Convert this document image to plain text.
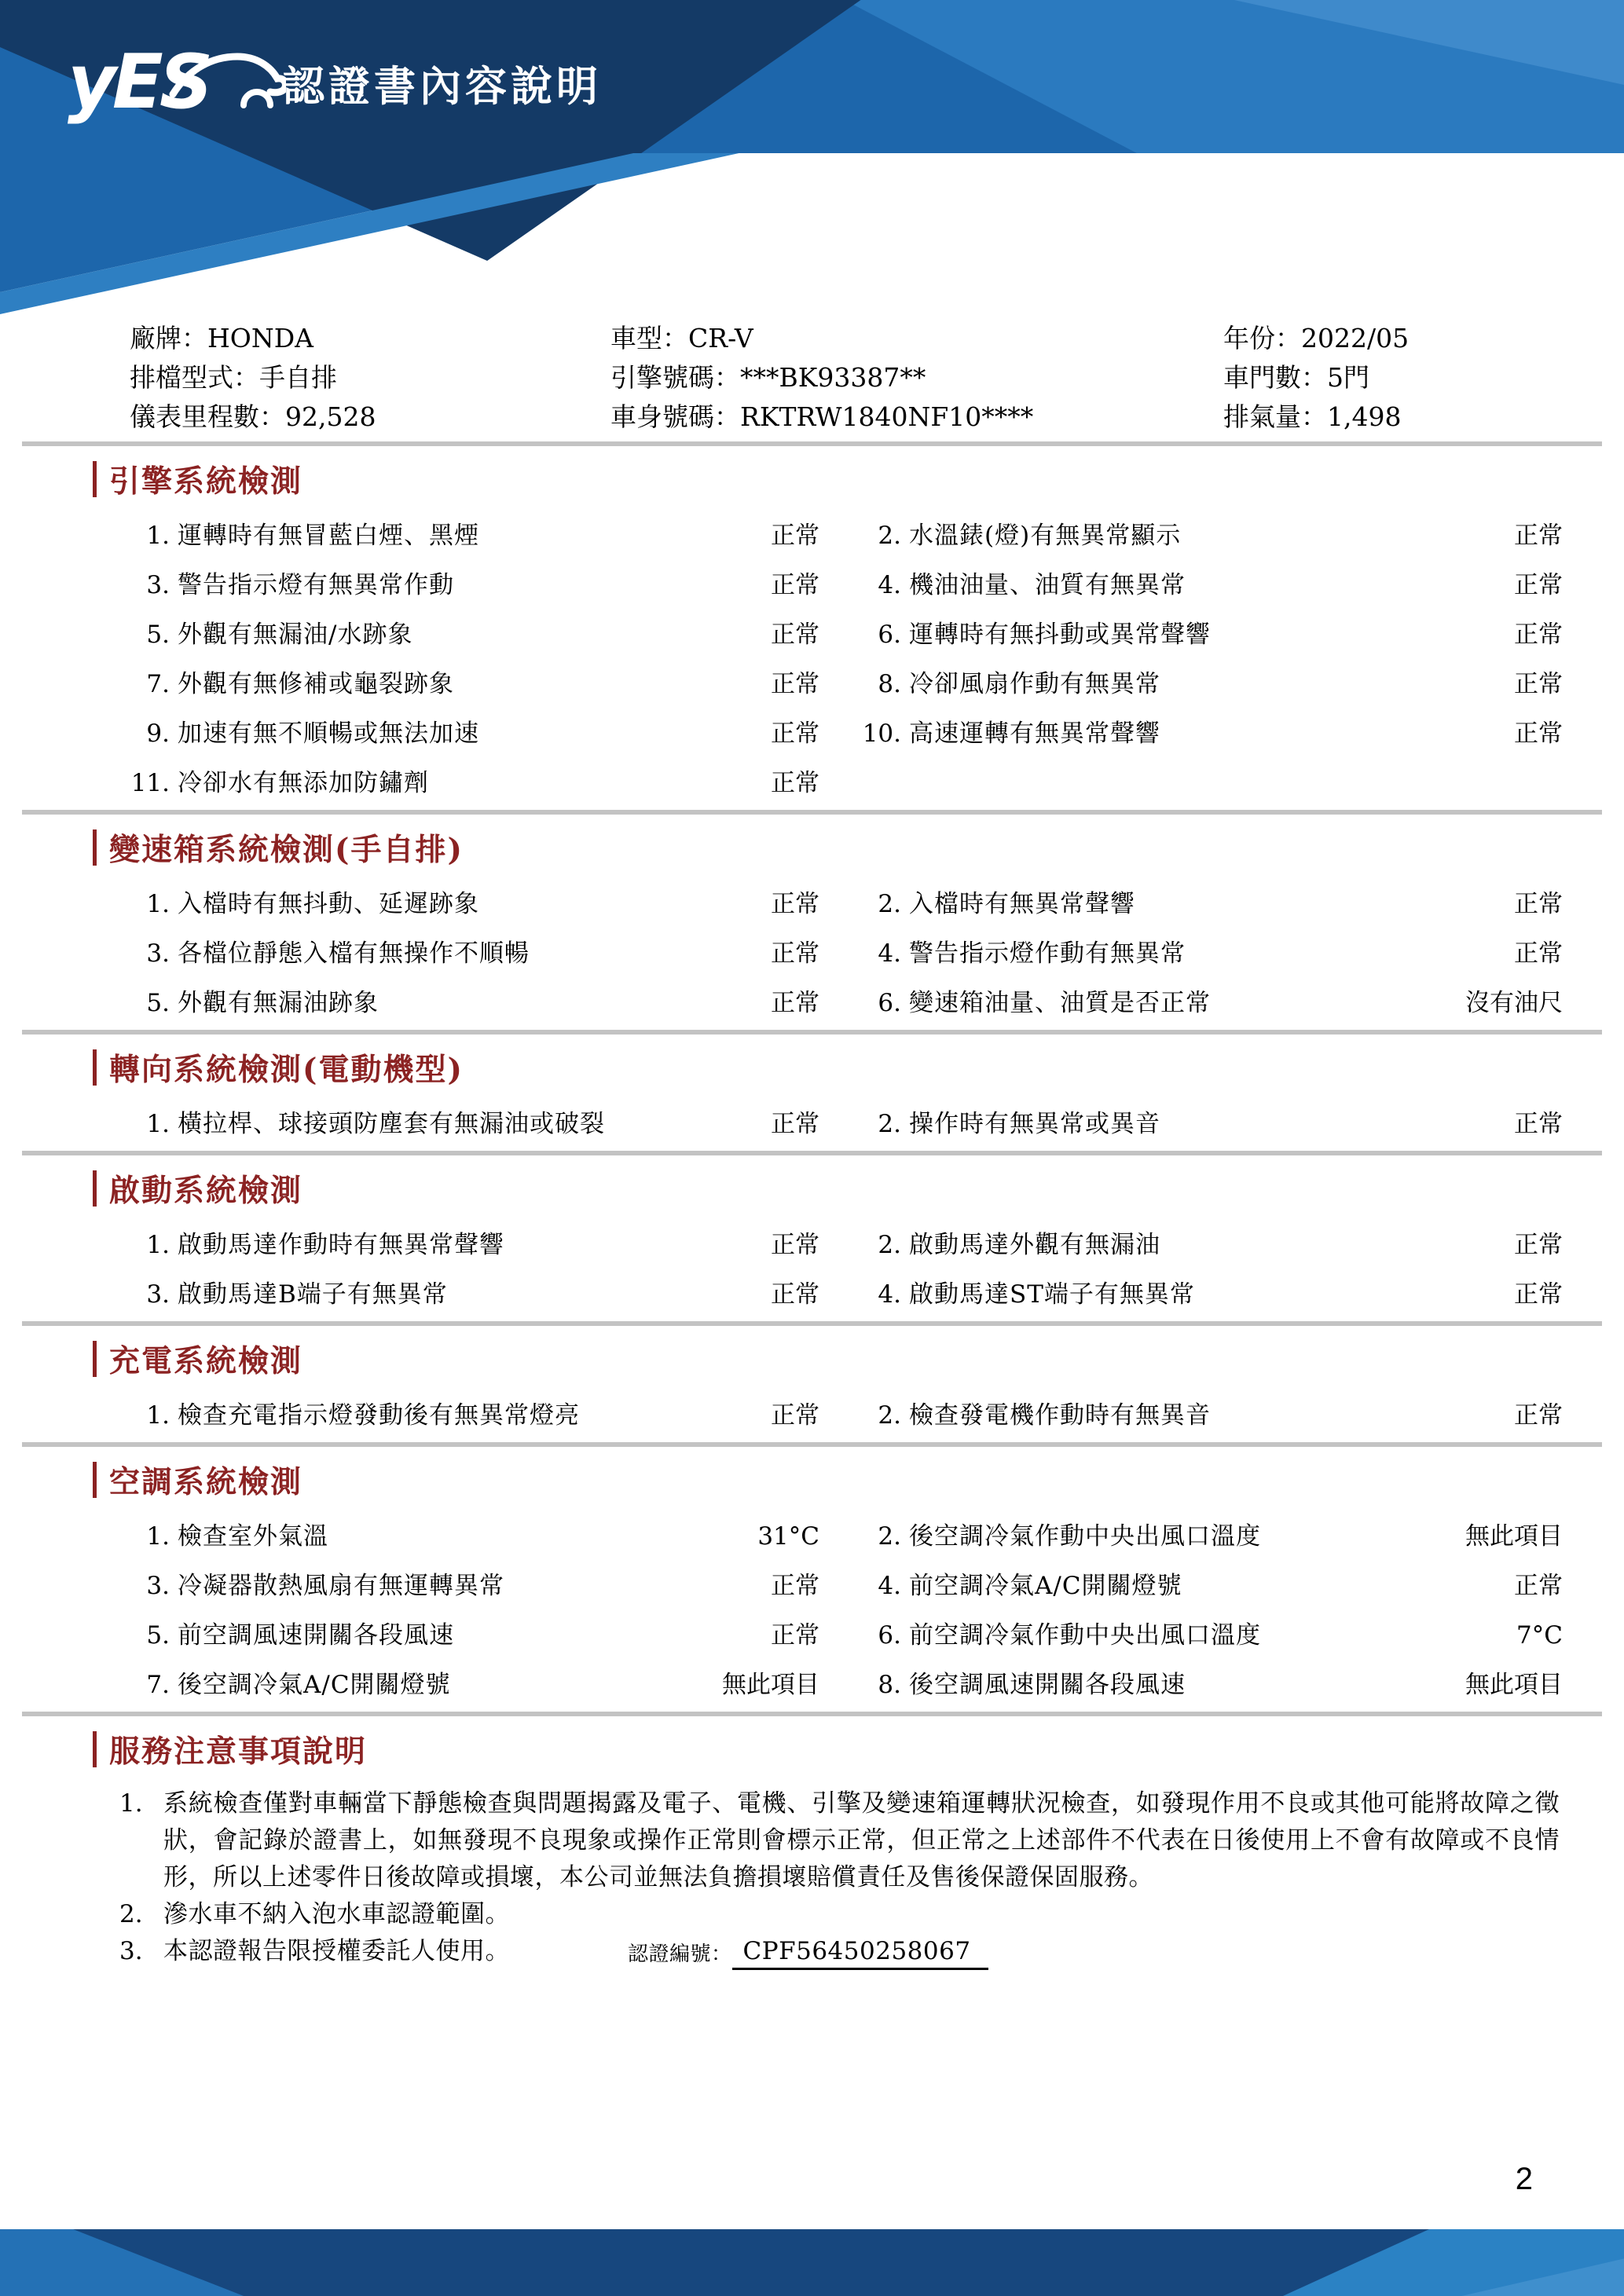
yES	認證書內容說明
廠牌：HONDA	車型：CR-V	年份：2022/05
排檔型式：手自排	引擎號碼：***BK93387**	車門數：5門
儀表里程數：92,528	車身號碼：RKTRW1840NF10****	排氣量：1,498
引擎系統檢測
1. 運轉時有無冒藍白煙、黑煙	正常	2. 水溫錶(燈)有無異常顯示	正常
3. 警告指示燈有無異常作動	正常	4. 機油油量、油質有無異常	正常
5. 外觀有無漏油/水跡象	正常	6. 運轉時有無抖動或異常聲響	正常
7. 外觀有無修補或龜裂跡象	正常	8. 冷卻風扇作動有無異常	正常
9. 加速有無不順暢或無法加速	正常 10. 高速運轉有無異常聲響	正常
11. 冷卻水有無添加防鏽劑	正常
變速箱系統檢測(手自排)
1. 入檔時有無抖動、延遲跡象	正常	2. 入檔時有無異常聲響	正常
3. 各檔位靜態入檔有無操作不順暢	正常	4. 警告指示燈作動有無異常	正常
5. 外觀有無漏油跡象	正常	6. 變速箱油量、油質是否正常	沒有油尺
轉向系統檢測(電動機型)
1. 橫拉桿、球接頭防塵套有無漏油或破裂	正常	2. 操作時有無異常或異音	正常
啟動系統檢測
1. 啟動馬達作動時有無異常聲響	正常	2. 啟動馬達外觀有無漏油	正常
3. 啟動馬達B端子有無異常	正常	4. 啟動馬達ST端子有無異常	正常
充電系統檢測
1. 檢查充電指示燈發動後有無異常燈亮	正常	2. 檢查發電機作動時有無異音	正常
空調系統檢測
1. 檢查室外氣溫	31°C	2. 後空調冷氣作動中央出風口溫度	無此項目
3. 冷凝器散熱風扇有無運轉異常	正常	4. 前空調冷氣A/C開關燈號	正常
5. 前空調風速開關各段風速	正常	6. 前空調冷氣作動中央出風口溫度	7°C
7. 後空調冷氣A/C開關燈號	無此項目	8. 後空調風速開關各段風速	無此項目
服務注意事項說明
1. 系統檢查僅對車輛當下靜態檢查與問題揭露及電子、電機、引擎及變速箱運轉狀況檢查，如發現作用不良或其他可能將故障之徵狀，會記錄於證書上，如無發現不良現象或操作正常則會標示正常，但正常之上述部件不代表在日後使用上不會有故障或不良情形，所以上述零件日後故障或損壞，本公司並無法負擔損壞賠償責任及售後保證保固服務。
2. 滲水車不納入泡水車認證範圍。
3. 本認證報告限授權委託人使用。	認證編號： CPF56450258067
2
